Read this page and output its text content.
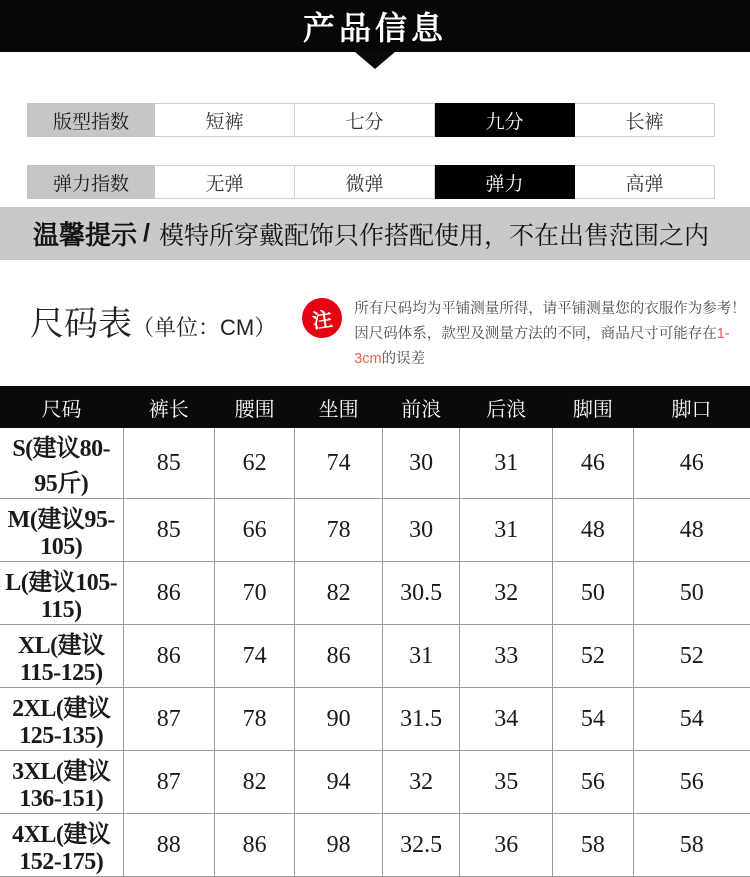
产品信息
版型指数	短裤	七分	九分	长裤
弹力指数	无弹	微弹	弹力	高弹
温馨提示 / 模特所穿戴配饰只作搭配使用，不在出售范围之内
尺码表 （单位：CM）	注	所有尺码均为平铺测量所得，请平铺测量您的衣服作为参考！
因尺码体系，款型及测量方法的不同，商品尺寸可能存在1-3cm的误差
尺码	裤长	腰围	坐围	前浪	后浪	脚围	脚口
S(建议80-95斤)	85	62	74	30	31	46	46
M(建议95-105)	85	66	78	30	31	48	48
L(建议105-115)	86	70	82	30.5	32	50	50
XL(建议115-125)	86	74	86	31	33	52	52
2XL(建议125-135)	87	78	90	31.5	34	54	54
3XL(建议136-151)	87	82	94	32	35	56	56
4XL(建议152-175)	88	86	98	32.5	36	58	58
